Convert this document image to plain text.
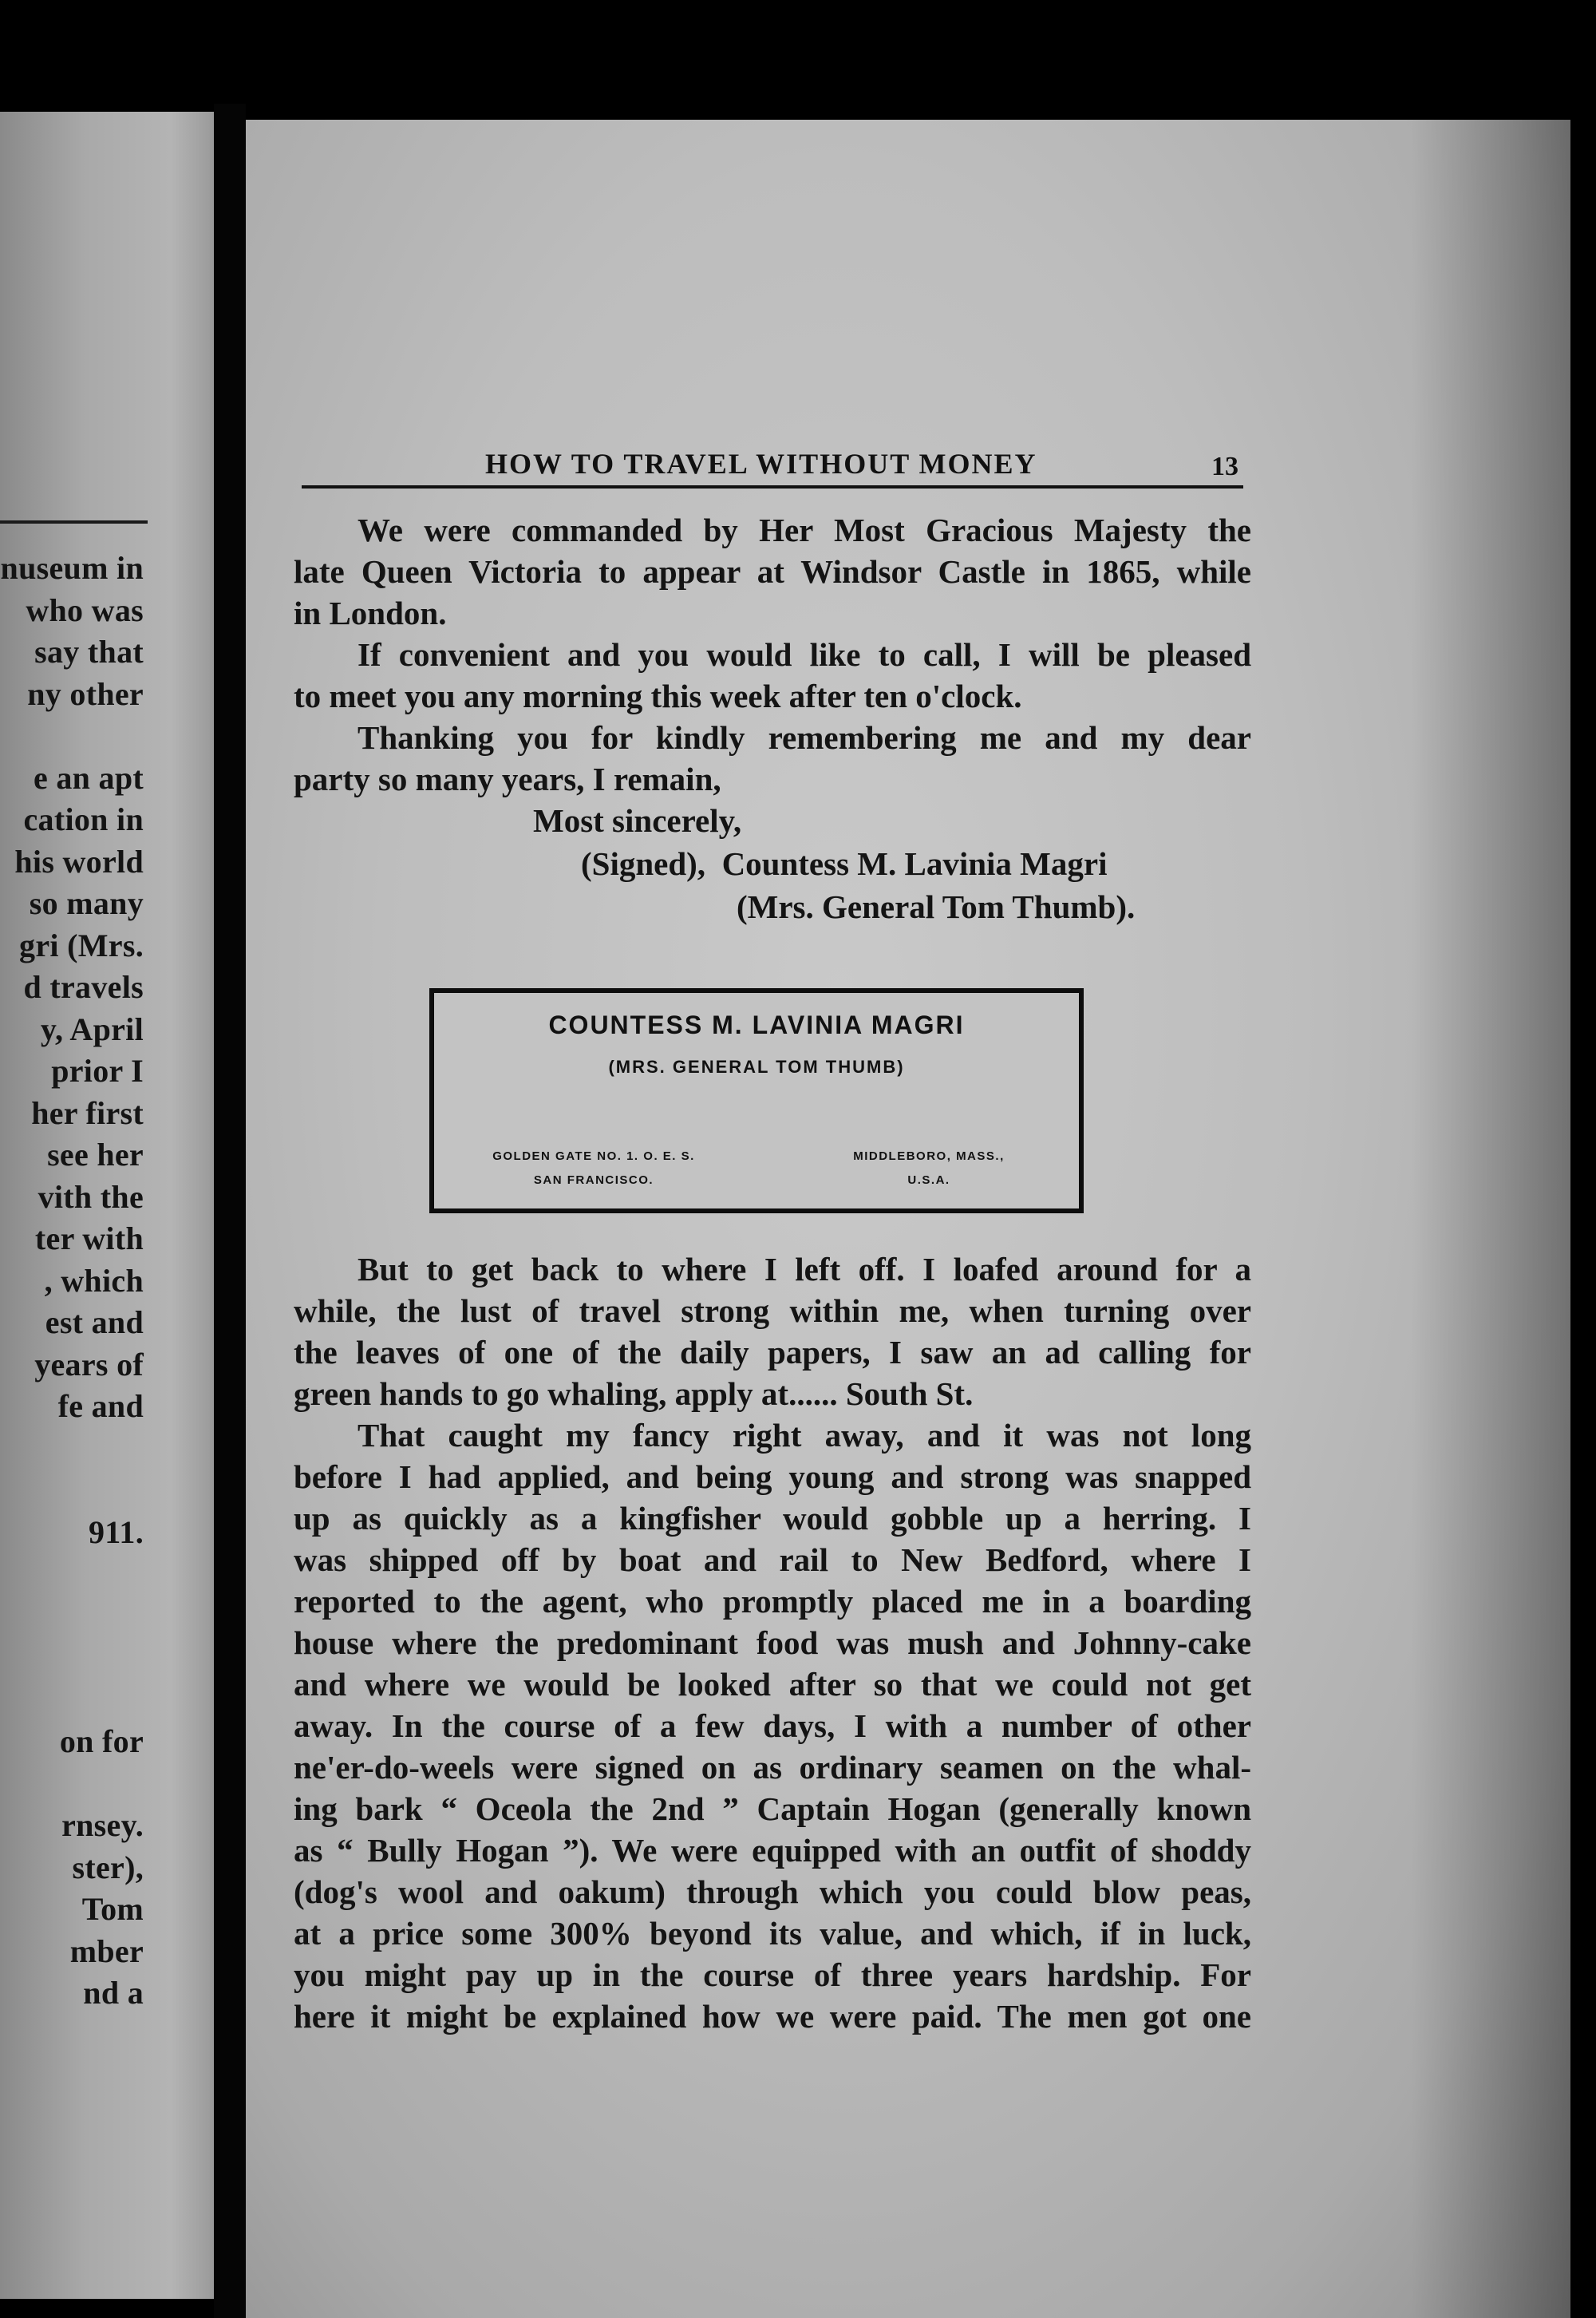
nuseum in
who was
say that
ny other
e an apt
cation in
his world
so many
gri (Mrs.
d travels
y, April
prior I
her first
see her
vith the
ter with
, which
est and
years of
fe and
911.
on for
rnsey.
ster),
Tom
mber
nd a
HOW TO TRAVEL WITHOUT MONEY	13
We were commanded by Her Most Gracious Majesty the
late Queen Victoria to appear at Windsor Castle in 1865, while
in London.
If convenient and you would like to call, I will be pleased
to meet you any morning this week after ten o'clock.
Thanking you for kindly remembering me and my dear
party so many years, I remain,
Most sincerely,
(Signed), Countess M. Lavinia Magri
(Mrs. General Tom Thumb).
COUNTESS M. LAVINIA MAGRI
(MRS. GENERAL TOM THUMB)
GOLDEN GATE NO. 1. O. E. S.
SAN FRANCISCO.
MIDDLEBORO, MASS.,
U.S.A.
But to get back to where I left off. I loafed around for a
while, the lust of travel strong within me, when turning over
the leaves of one of the daily papers, I saw an ad calling for
green hands to go whaling, apply at...... South St.
That caught my fancy right away, and it was not long
before I had applied, and being young and strong was snapped
up as quickly as a kingfisher would gobble up a herring. I
was shipped off by boat and rail to New Bedford, where I
reported to the agent, who promptly placed me in a boarding
house where the predominant food was mush and Johnny-cake
and where we would be looked after so that we could not get
away. In the course of a few days, I with a number of other
ne'er-do-weels were signed on as ordinary seamen on the whal-
ing bark “ Oceola the 2nd ” Captain Hogan (generally known
as “ Bully Hogan ”). We were equipped with an outfit of shoddy
(dog's wool and oakum) through which you could blow peas,
at a price some 300% beyond its value, and which, if in luck,
you might pay up in the course of three years hardship. For
here it might be explained how we were paid. The men got one
